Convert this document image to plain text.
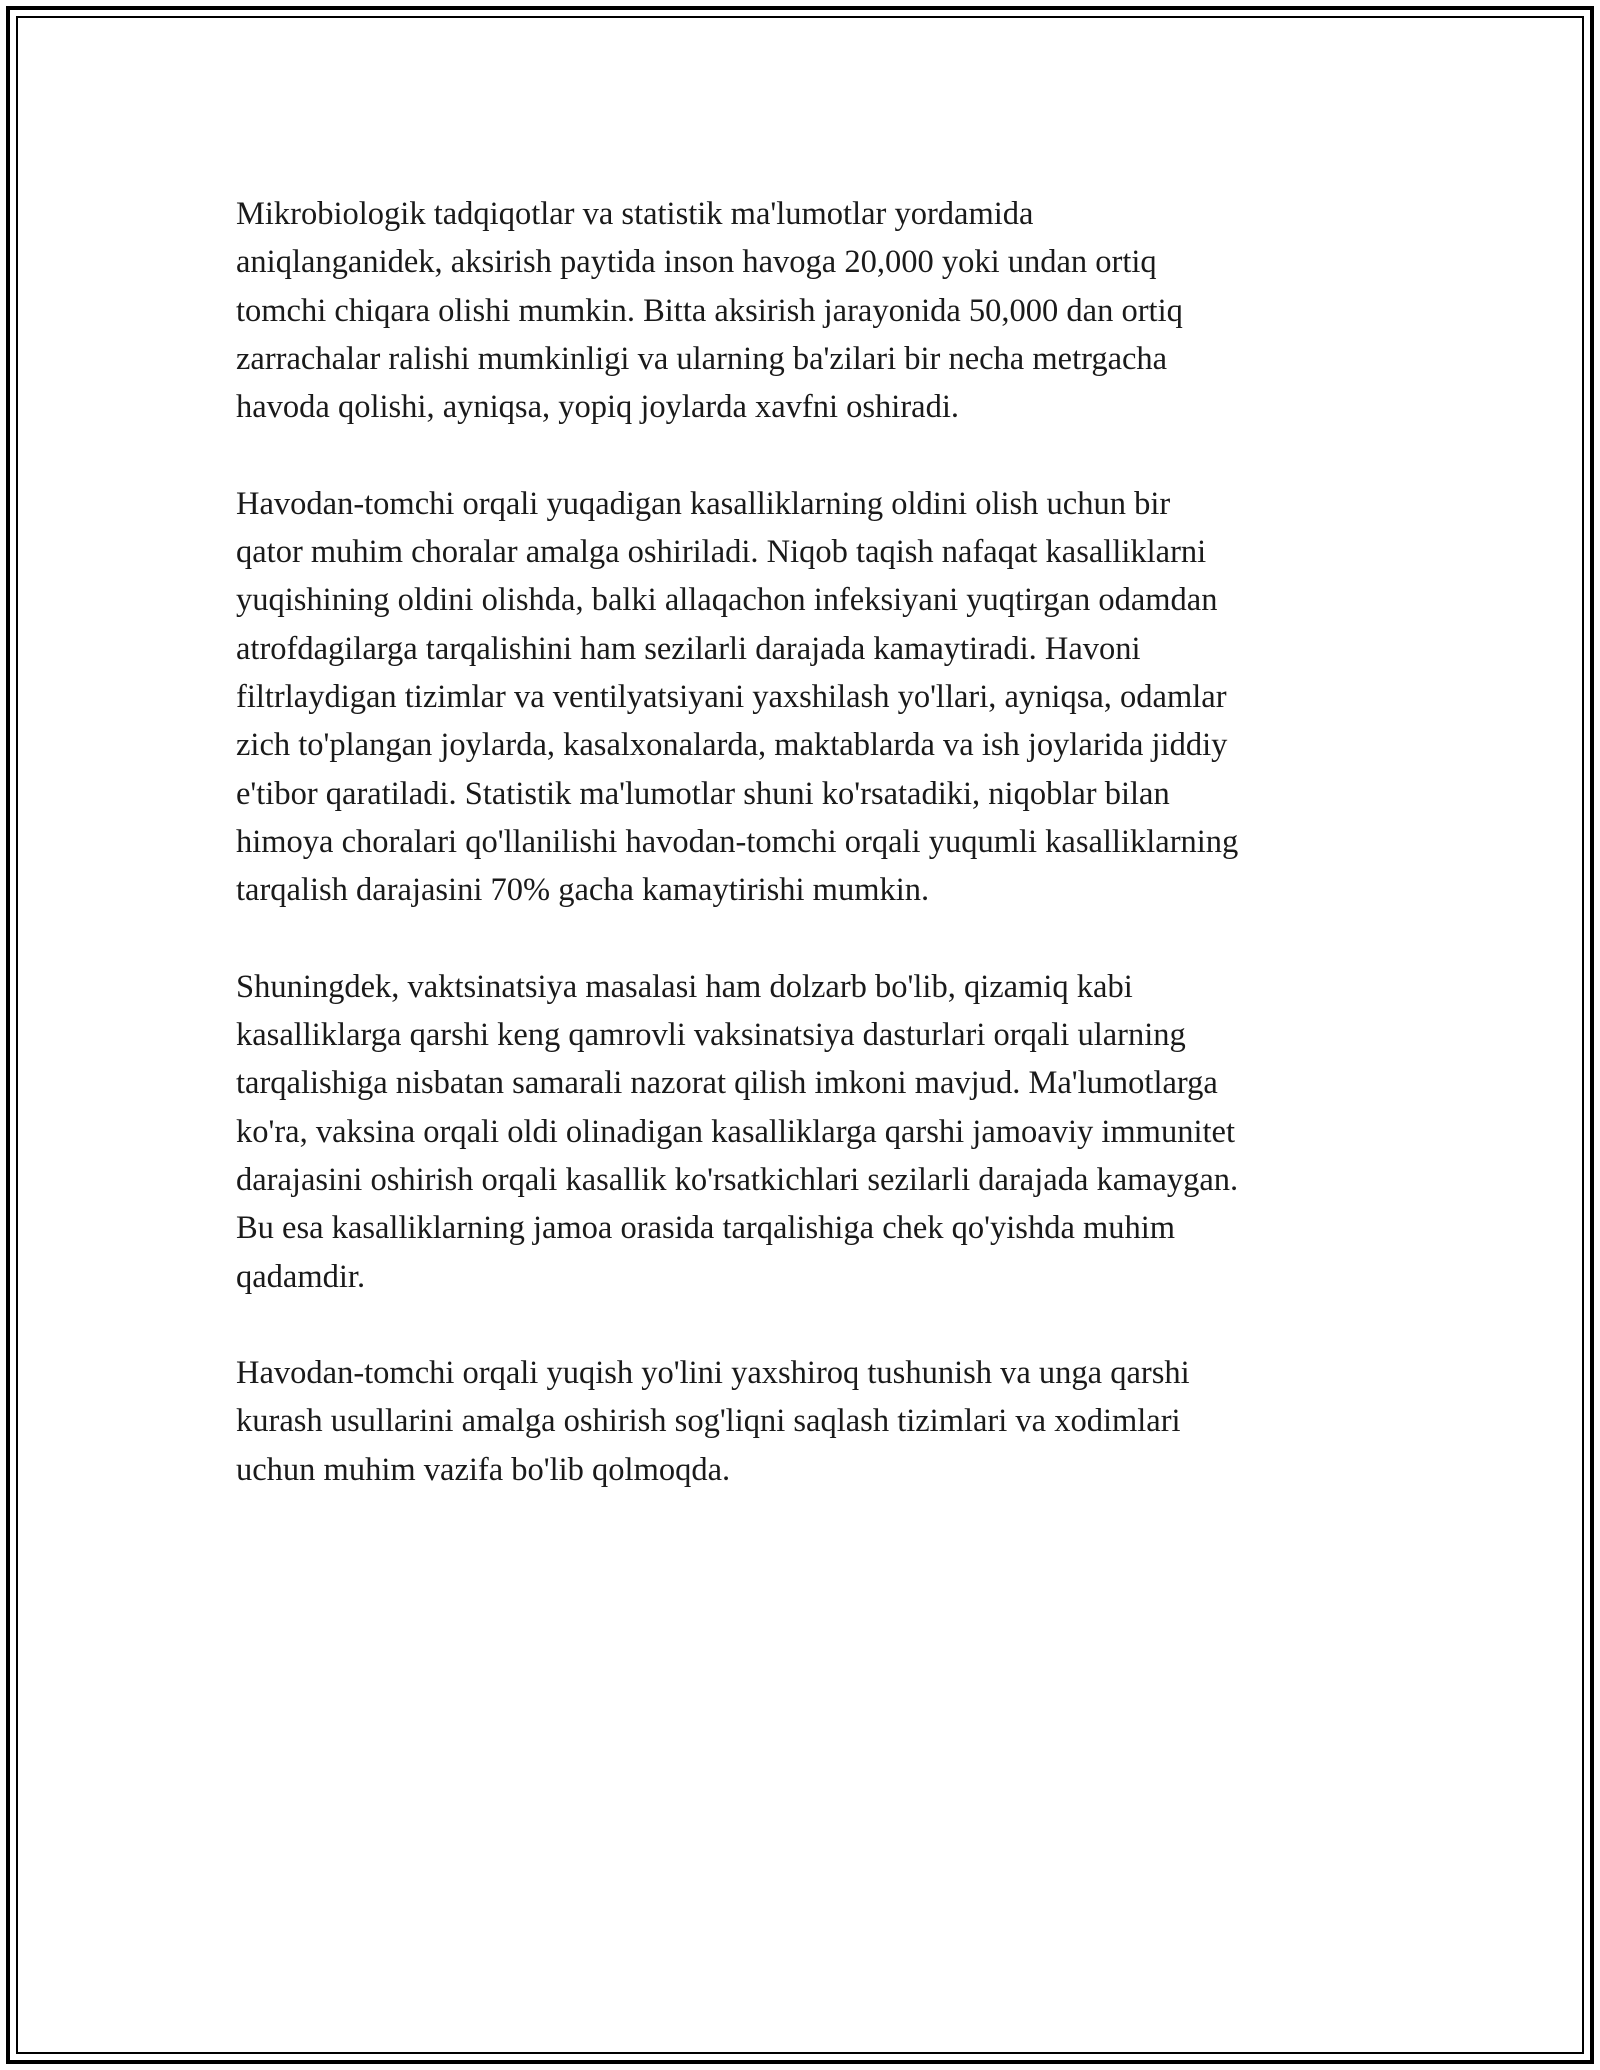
Mikrobiologik tadqiqotlar va statistik ma'lumotlar yordamida
aniqlanganidek, aksirish paytida inson havoga 20,000 yoki undan ortiq
tomchi chiqara olishi mumkin. Bitta aksirish jarayonida 50,000 dan ortiq
zarrachalar ralishi mumkinligi va ularning ba'zilari bir necha metrgacha
havoda qolishi, ayniqsa, yopiq joylarda xavfni oshiradi.

Havodan-tomchi orqali yuqadigan kasalliklarning oldini olish uchun bir
qator muhim choralar amalga oshiriladi. Niqob taqish nafaqat kasalliklarni
yuqishining oldini olishda, balki allaqachon infeksiyani yuqtirgan odamdan
atrofdagilarga tarqalishini ham sezilarli darajada kamaytiradi. Havoni
filtrlaydigan tizimlar va ventilyatsiyani yaxshilash yo'llari, ayniqsa, odamlar
zich to'plangan joylarda, kasalxonalarda, maktablarda va ish joylarida jiddiy
e'tibor qaratiladi. Statistik ma'lumotlar shuni ko'rsatadiki, niqoblar bilan
himoya choralari qo'llanilishi havodan-tomchi orqali yuqumli kasalliklarning
tarqalish darajasini 70% gacha kamaytirishi mumkin.

Shuningdek, vaktsinatsiya masalasi ham dolzarb bo'lib, qizamiq kabi
kasalliklarga qarshi keng qamrovli vaksinatsiya dasturlari orqali ularning
tarqalishiga nisbatan samarali nazorat qilish imkoni mavjud. Ma'lumotlarga
ko'ra, vaksina orqali oldi olinadigan kasalliklarga qarshi jamoaviy immunitet
darajasini oshirish orqali kasallik ko'rsatkichlari sezilarli darajada kamaygan.
Bu esa kasalliklarning jamoa orasida tarqalishiga chek qo'yishda muhim
qadamdir.

Havodan-tomchi orqali yuqish yo'lini yaxshiroq tushunish va unga qarshi
kurash usullarini amalga oshirish sog'liqni saqlash tizimlari va xodimlari
uchun muhim vazifa bo'lib qolmoqda.
